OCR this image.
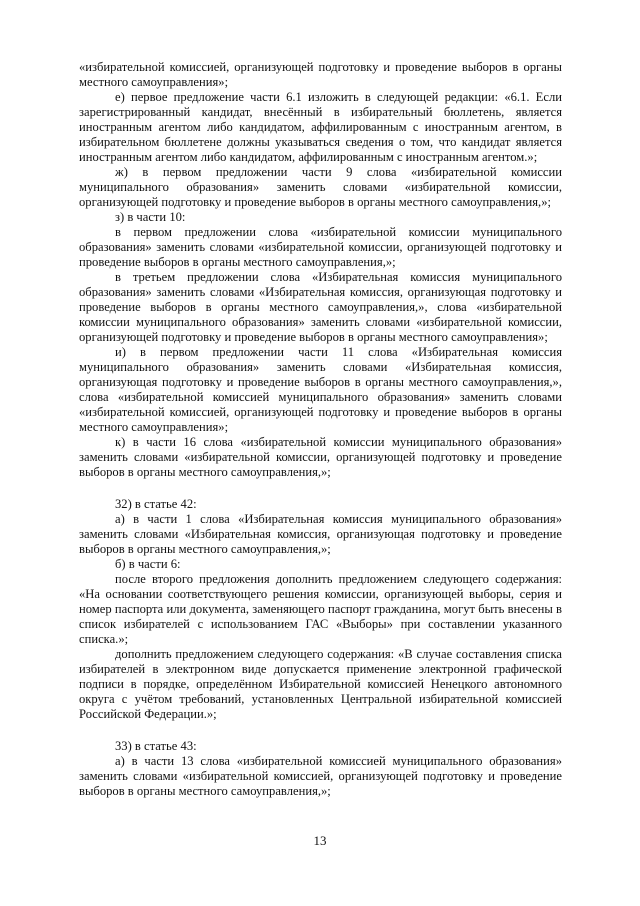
«избирательной комиссией, организующей подготовку и проведение выборов в органы местного самоуправления»;

е) первое предложение части 6.1 изложить в следующей редакции: «6.1. Если зарегистрированный кандидат, внесённый в избирательный бюллетень, является иностранным агентом либо кандидатом, аффилированным с иностранным агентом, в избирательном бюллетене должны указываться сведения о том, что кандидат является иностранным агентом либо кандидатом, аффилированным с иностранным агентом.»;

ж) в первом предложении части 9 слова «избирательной комиссии муниципального образования» заменить словами «избирательной комиссии, организующей подготовку и проведение выборов в органы местного самоуправления,»;

з) в части 10:

в первом предложении слова «избирательной комиссии муниципального образования» заменить словами «избирательной комиссии, организующей подготовку и проведение выборов в органы местного самоуправления,»;

в третьем предложении слова «Избирательная комиссия муниципального образования» заменить словами «Избирательная комиссия, организующая подготовку и проведение выборов в органы местного самоуправления,», слова «избирательной комиссии муниципального образования» заменить словами «избирательной комиссии, организующей подготовку и проведение выборов в органы местного самоуправления»;

и) в первом предложении части 11 слова «Избирательная комиссия муниципального образования» заменить словами «Избирательная комиссия, организующая подготовку и проведение выборов в органы местного самоуправления,», слова «избирательной комиссией муниципального образования» заменить словами «избирательной комиссией, организующей подготовку и проведение выборов в органы местного самоуправления»;

к) в части 16 слова «избирательной комиссии муниципального образования» заменить словами «избирательной комиссии, организующей подготовку и проведение выборов в органы местного самоуправления,»;

32) в статье 42:

а) в части 1 слова «Избирательная комиссия муниципального образования» заменить словами «Избирательная комиссия, организующая подготовку и проведение выборов в органы местного самоуправления,»;

б) в части 6:

после второго предложения дополнить предложением следующего содержания: «На основании соответствующего решения комиссии, организующей выборы, серия и номер паспорта или документа, заменяющего паспорт гражданина, могут быть внесены в список избирателей с использованием ГАС «Выборы» при составлении указанного списка.»;

дополнить предложением следующего содержания: «В случае составления списка избирателей в электронном виде допускается применение электронной графической подписи в порядке, определённом Избирательной комиссией Ненецкого автономного округа с учётом требований, установленных Центральной избирательной комиссией Российской Федерации.»;

33) в статье 43:

а) в части 13 слова «избирательной комиссией муниципального образования» заменить словами «избирательной комиссией, организующей подготовку и проведение выборов в органы местного самоуправления,»;

13
